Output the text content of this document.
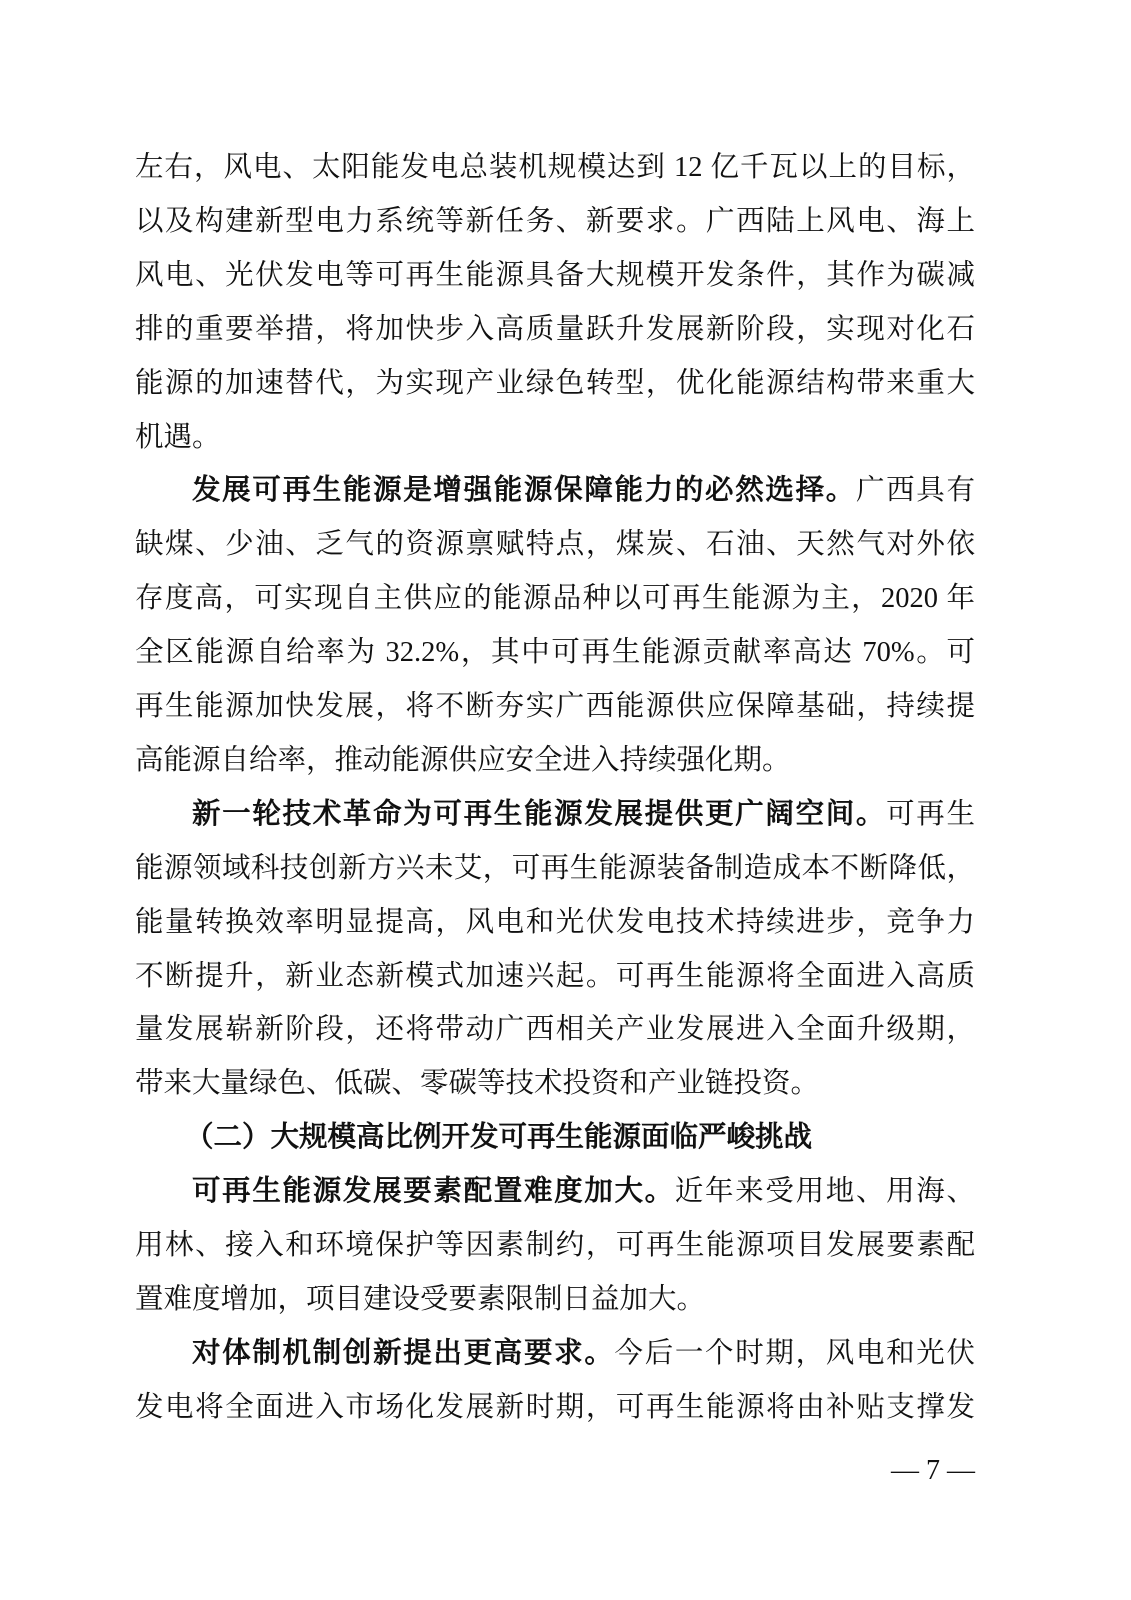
左右，风电、太阳能发电总装机规模达到 12 亿千瓦以上的目标，
以及构建新型电力系统等新任务、新要求。广西陆上风电、海上
风电、光伏发电等可再生能源具备大规模开发条件，其作为碳减
排的重要举措，将加快步入高质量跃升发展新阶段，实现对化石
能源的加速替代，为实现产业绿色转型，优化能源结构带来重大
机遇。
发展可再生能源是增强能源保障能力的必然选择。广西具有
缺煤、少油、乏气的资源禀赋特点，煤炭、石油、天然气对外依
存度高，可实现自主供应的能源品种以可再生能源为主，2020 年
全区能源自给率为 32.2%，其中可再生能源贡献率高达 70%。可
再生能源加快发展，将不断夯实广西能源供应保障基础，持续提
高能源自给率，推动能源供应安全进入持续强化期。
新一轮技术革命为可再生能源发展提供更广阔空间。可再生
能源领域科技创新方兴未艾，可再生能源装备制造成本不断降低，
能量转换效率明显提高，风电和光伏发电技术持续进步，竞争力
不断提升，新业态新模式加速兴起。可再生能源将全面进入高质
量发展崭新阶段，还将带动广西相关产业发展进入全面升级期，
带来大量绿色、低碳、零碳等技术投资和产业链投资。
（二）大规模高比例开发可再生能源面临严峻挑战
可再生能源发展要素配置难度加大。近年来受用地、用海、
用林、接入和环境保护等因素制约，可再生能源项目发展要素配
置难度增加，项目建设受要素限制日益加大。
对体制机制创新提出更高要求。今后一个时期，风电和光伏
发电将全面进入市场化发展新时期，可再生能源将由补贴支撑发
— 7 —
